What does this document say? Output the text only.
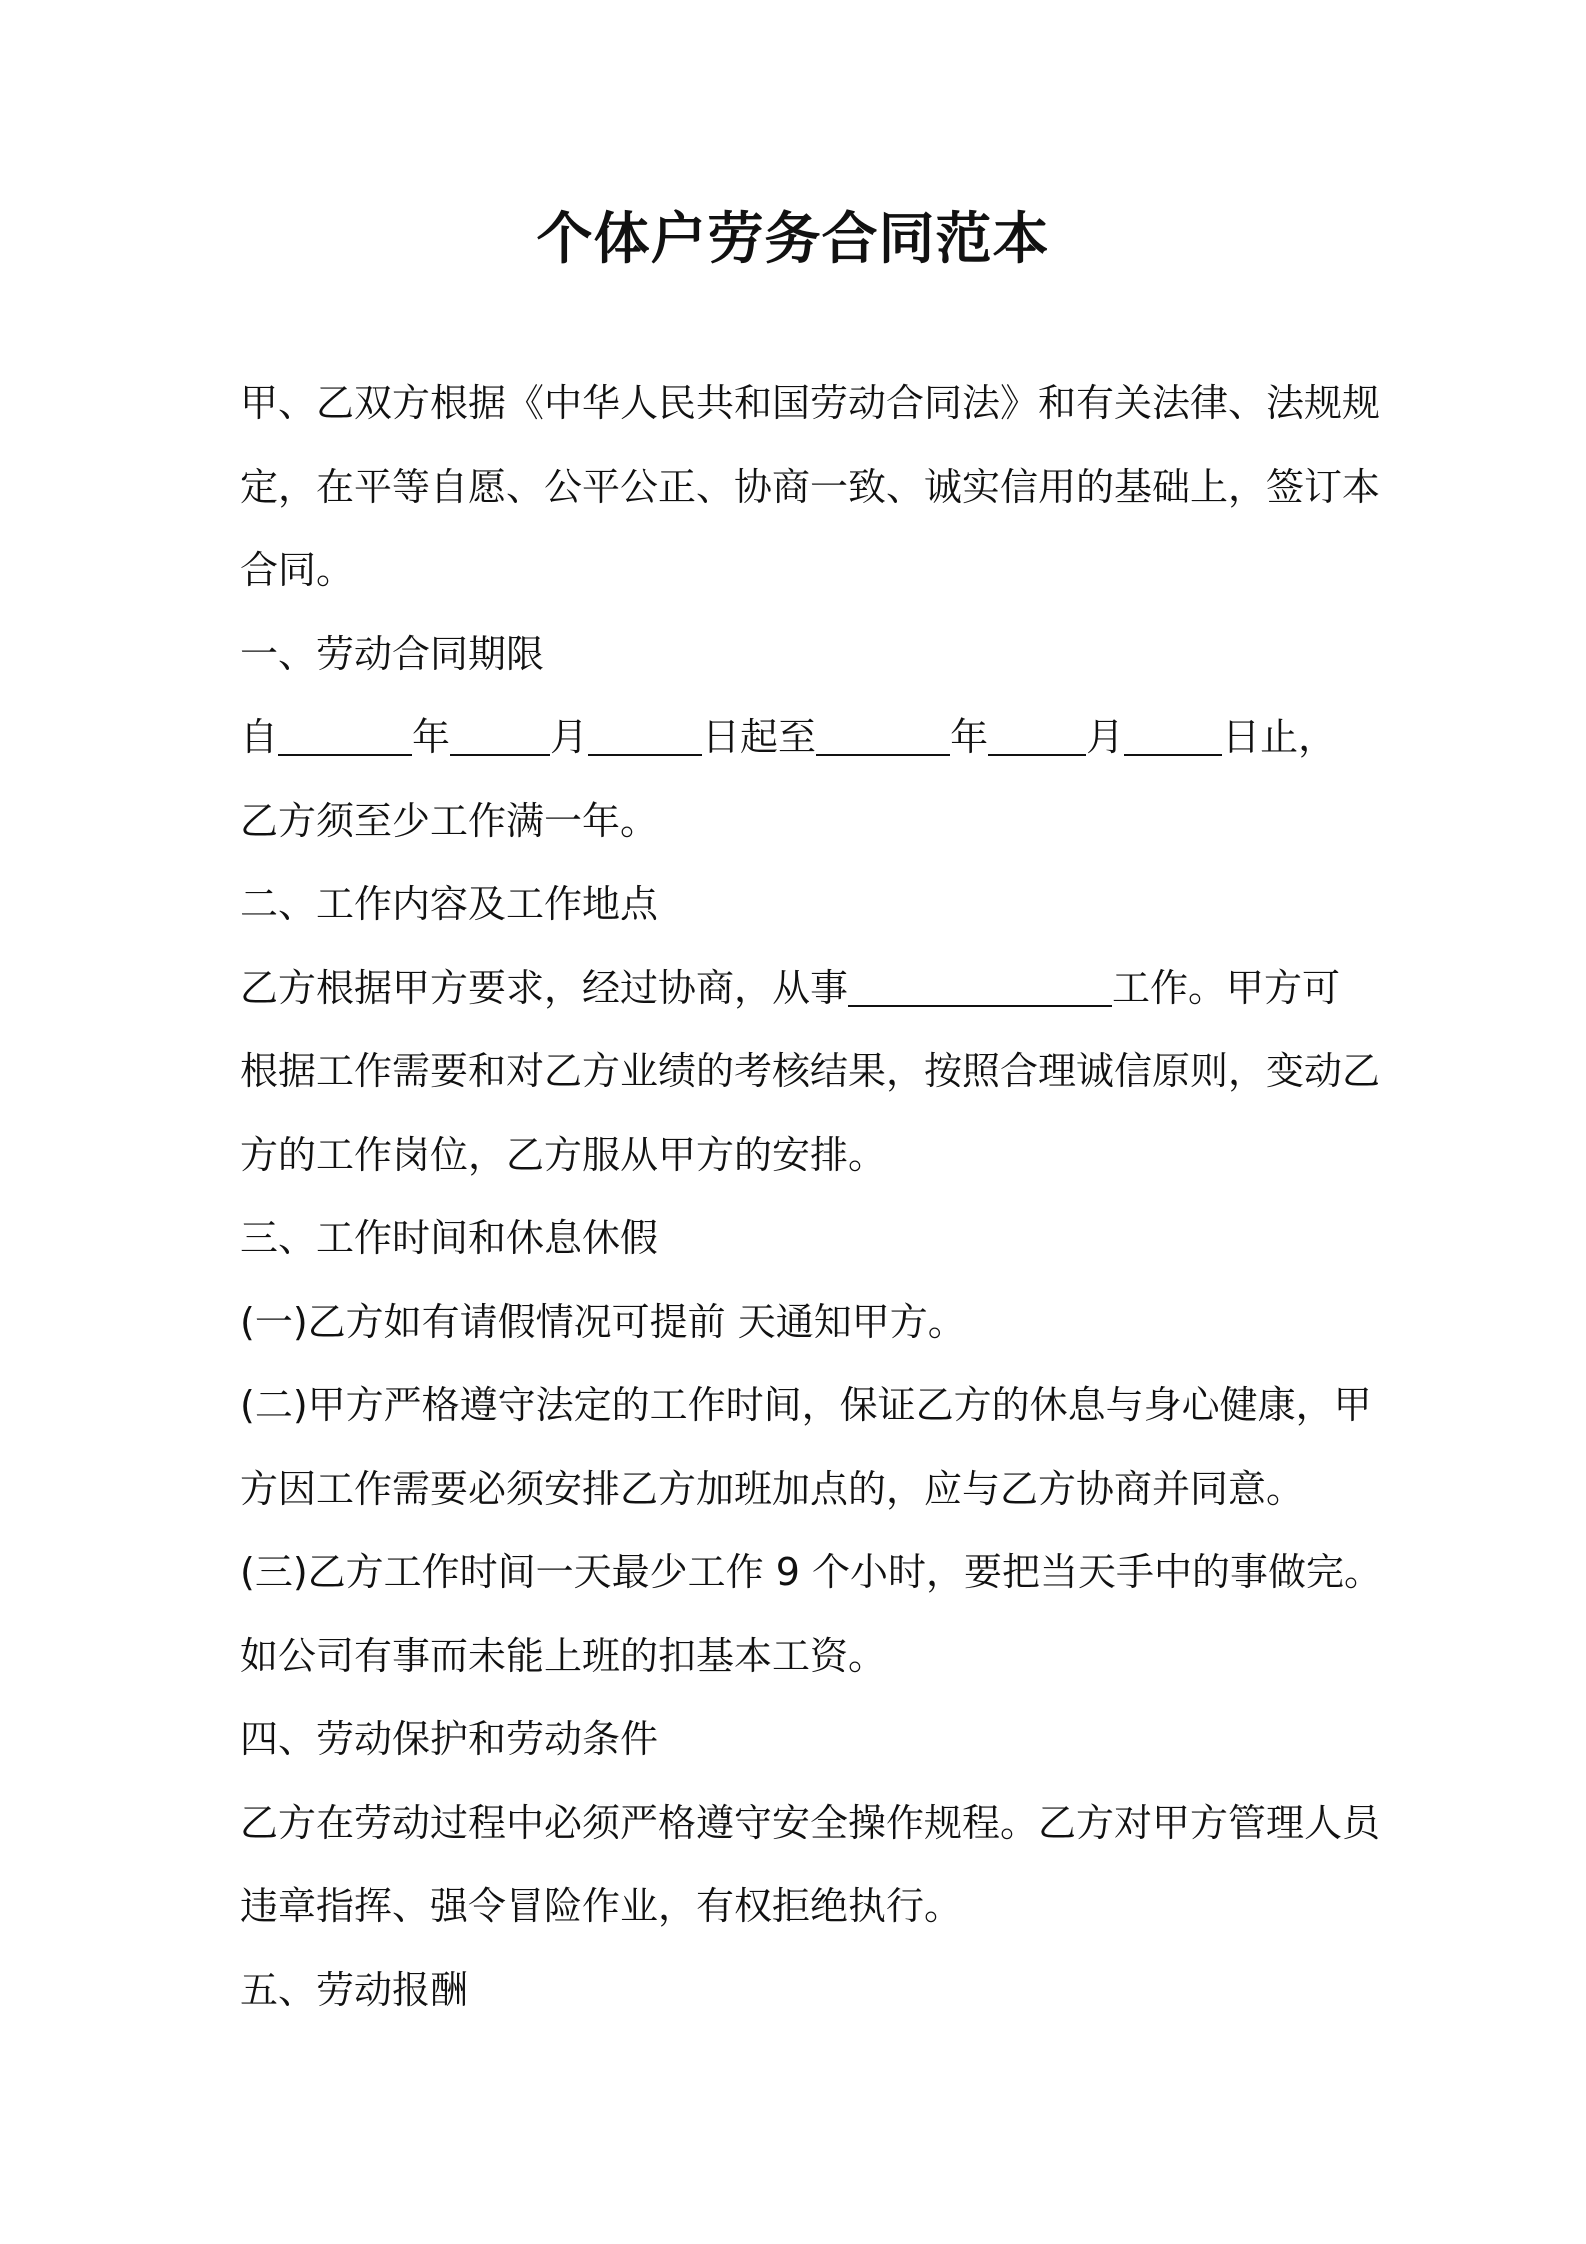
个体户劳务合同范本
甲、乙双方根据《中华人民共和国劳动合同法》和有关法律、法规规
定，在平等自愿、公平公正、协商一致、诚实信用的基础上，签订本
合同。
一、劳动合同期限
自	年	月	日起至	年	月	日止，
乙方须至少工作满一年。
二、工作内容及工作地点
乙方根据甲方要求，经过协商，从事	工作。甲方可
根据工作需要和对乙方业绩的考核结果，按照合理诚信原则，变动乙
方的工作岗位，乙方服从甲方的安排。
三、工作时间和休息休假
(一)乙方如有请假情况可提前 天通知甲方。
(二)甲方严格遵守法定的工作时间，保证乙方的休息与身心健康，甲
方因工作需要必须安排乙方加班加点的，应与乙方协商并同意。
(三)乙方工作时间一天最少工作 9 个小时，要把当天手中的事做完。
如公司有事而未能上班的扣基本工资。
四、劳动保护和劳动条件
乙方在劳动过程中必须严格遵守安全操作规程。乙方对甲方管理人员
违章指挥、强令冒险作业，有权拒绝执行。
五、劳动报酬
